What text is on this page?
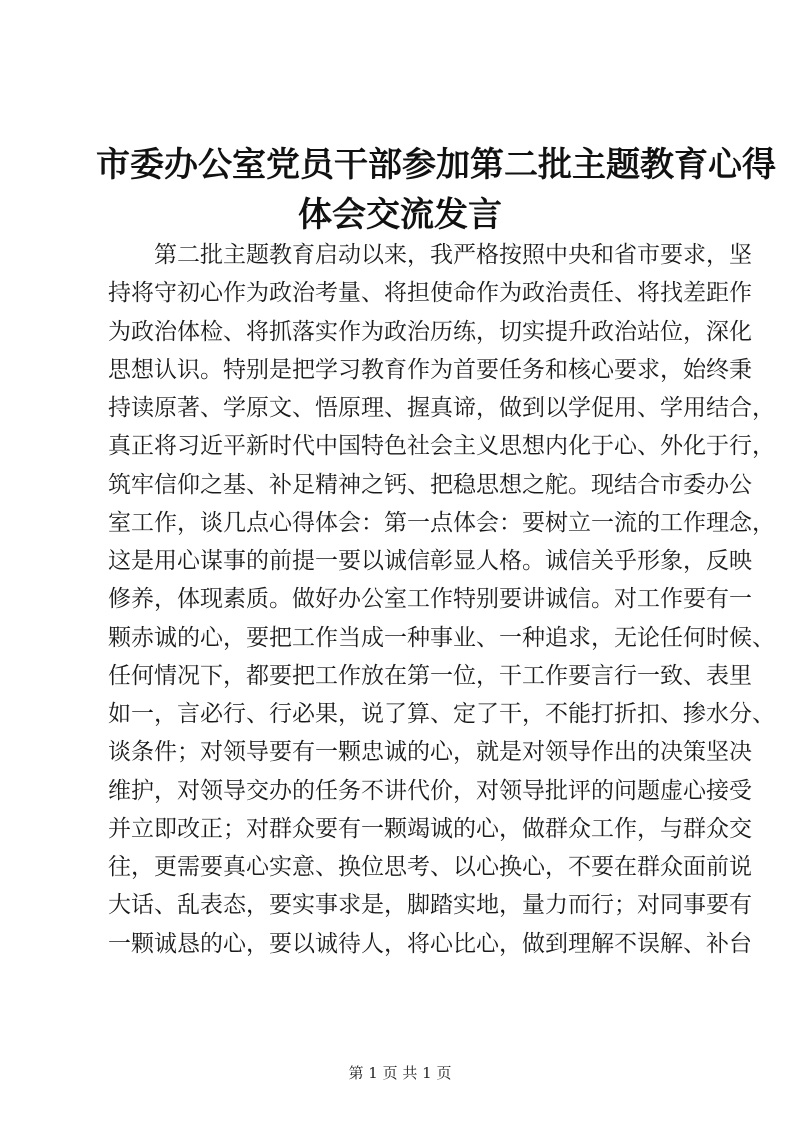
市委办公室党员干部参加第二批主题教育心得
体会交流发言
第二批主题教育启动以来，我严格按照中央和省市要求，坚
持将守初心作为政治考量、将担使命作为政治责任、将找差距作
为政治体检、将抓落实作为政治历练，切实提升政治站位，深化
思想认识。特别是把学习教育作为首要任务和核心要求，始终秉
持读原著、学原文、悟原理、握真谛，做到以学促用、学用结合，
真正将习近平新时代中国特色社会主义思想内化于心、外化于行，
筑牢信仰之基、补足精神之钙、把稳思想之舵。现结合市委办公
室工作，谈几点心得体会：第一点体会：要树立一流的工作理念，
这是用心谋事的前提一要以诚信彰显人格。诚信关乎形象，反映
修养，体现素质。做好办公室工作特别要讲诚信。对工作要有一
颗赤诚的心，要把工作当成一种事业、一种追求，无论任何时候、
任何情况下，都要把工作放在第一位，干工作要言行一致、表里
如一，言必行、行必果，说了算、定了干，不能打折扣、掺水分、
谈条件；对领导要有一颗忠诚的心，就是对领导作出的决策坚决
维护，对领导交办的任务不讲代价，对领导批评的问题虚心接受
并立即改正；对群众要有一颗竭诚的心，做群众工作，与群众交
往，更需要真心实意、换位思考、以心换心，不要在群众面前说
大话、乱表态，要实事求是，脚踏实地，量力而行；对同事要有
一颗诚恳的心，要以诚待人，将心比心，做到理解不误解、补台
第 1 页 共 1 页
